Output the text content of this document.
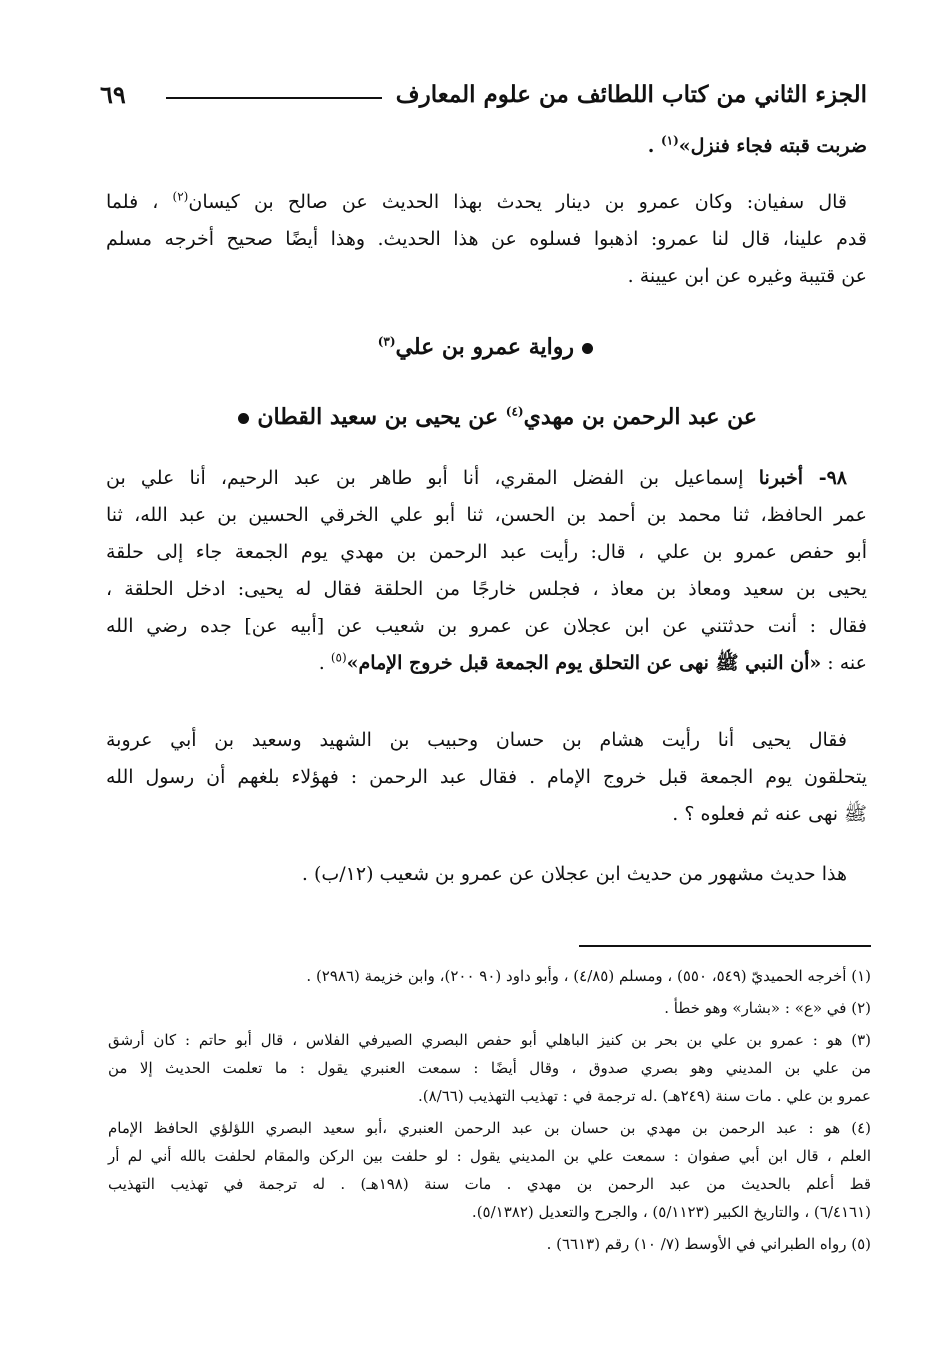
الجزء الثاني من كتاب اللطائف من علوم المعارف
٦٩
ضربت قبته فجاء فنزل»$^{(١)}$ .
قال سفيان: وكان عمرو بن دينار يحدث بهذا الحديث عن صالح بن كيسان$^{(٢)}$ ، فلما
قدم علينا، قال لنا عمرو: اذهبوا فسلوه عن هذا الحديث. وهذا أيضًا صحيح أخرجه مسلم
عن قتيبة وغيره عن ابن عيينة .
رواية عمرو بن علي$^{(٣)}$
عن عبد الرحمن بن مهدي$^{(٤)}$ عن يحيى بن سعيد القطان
٩٨- أخبرنا إسماعيل بن الفضل المقري، أنا أبو طاهر بن عبد الرحيم، أنا علي بن
عمر الحافظ، ثنا محمد بن أحمد بن الحسن، ثنا أبو علي الخرقي الحسين بن عبد الله، ثنا
أبو حفص عمرو بن علي ، قال: رأيت عبد الرحمن بن مهدي يوم الجمعة جاء إلى حلقة
يحيى بن سعيد ومعاذ بن معاذ ، فجلس خارجًا من الحلقة فقال له يحيى: ادخل الحلقة ،
فقال : أنت حدثتني عن ابن عجلان عن عمرو بن شعيب عن [أبيه عن] جده رضي الله
عنه : «أن النبي ﷺ نهى عن التحلق يوم الجمعة قبل خروج الإمام»$^{(٥)}$ .
فقال يحيى أنا رأيت هشام بن حسان وحبيب بن الشهيد وسعيد بن أبي عروبة
يتحلقون يوم الجمعة قبل خروج الإمام . فقال عبد الرحمن : فهؤلاء بلغهم أن رسول الله
ﷺ نهى عنه ثم فعلوه ؟ .
هذا حديث مشهور من حديث ابن عجلان عن عمرو بن شعيب (١٢/ب) .
(١) أخرجه الحميديّ (٥٤٩، ٥٥٠) ، ومسلم (٤/٨٥) ، وأبو داود (٩٠ ٢٠٠)، وابن خزيمة (٢٩٨٦) .
(٢) في «ع» : «بشار» وهو خطأ .
(٣) هو : عمرو بن علي بن بحر بن كنيز الباهلي أبو حفص البصري الصيرفي الفلاس ، قال أبو حاتم : كان أرشق
من علي بن المديني وهو بصري صدوق ، وقال أيضًا : سمعت العنبري يقول : ما تعلمت الحديث إلا من
عمرو بن علي . مات سنة (٢٤٩هـ) .له ترجمة في : تهذيب التهذيب (٨/٦٦).
(٤) هو : عبد الرحمن بن مهدي بن حسان بن عبد الرحمن العنبري ،أبو سعيد البصري اللؤلؤي الحافظ الإمام
العلم ، قال ابن أبي صفوان : سمعت علي بن المديني يقول : لو حلفت بين الركن والمقام لحلفت بالله أني لم أر
قط أعلم بالحديث من عبد الرحمن بن مهدي . مات سنة (١٩٨هـ) . له ترجمة في تهذيب التهذيب
(٦/٤١٦١) ، والتاريخ الكبير (٥/١١٢٣) ، والجرح والتعديل (٥/١٣٨٢).
(٥) رواه الطبراني في الأوسط (٧/ ١٠) رقم (٦٦١٣) .
